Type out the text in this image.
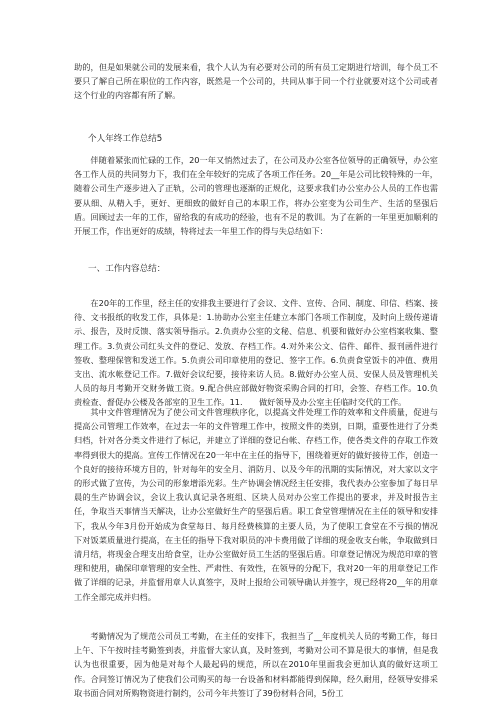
助的，但是如果就公司的发展来看，我个人认为有必要对公司的所有员工定期进行培训，每个员工不要只了解自己所在职位的工作内容，既然是一个公司的，共同从事于同一个行业就要对这个公司或者这个行业的内容都有所了解。

个人年终工作总结5

伴随着紧张而忙碌的工作，20一年又悄然过去了，在公司及办公室各位领导的正确领导，办公室各工作人员的共同努力下，我们在全年较好的完成了各项工作任务。20__年是公司比较特殊的一年，随着公司生产逐步进入了正轨，公司的管理也逐渐的正规化，这要求我们办公室办公人员的工作也需要从细、从精入手，更好、更细致的做好自己的本职工作，将办公室变为公司生产、生活的坚强后盾。回顾过去一年的工作，留给我的有成功的经验，也有不足的教训。为了在新的一年里更加顺利的开展工作，作出更好的成绩，特将过去一年里工作的得与失总结如下：

一、工作内容总结：

在20年的工作里，经主任的安排我主要进行了会议、文件、宣传、合同、制度、印信、档案、接待、文书报纸的收发工作，具体是：1.协助办公室主任建立本部门各项工作制度，及时向上级传递请示、报告，及时反馈、落实领导指示。2.负责办公室的文秘、信息、机要和做好办公室档案收集、整理工作。3.负责公司红头文件的登记、发放、存档工作。4.对外来公文、信件、邮件、报刊函件进行签收、整理保管和发送工作。5.负责公司印章使用的登记、签字工作。6.负责食堂饭卡的冲值、费用支出、流水帐登记工作。7.做好会议纪要，接待来访人员。8.做好办公室人员、安保人员及管理机关人员的每月考勤开交财务做工资。9.配合供应部做好物资采购合同的打印，会签、存档工作。10.负责检查、督促办公楼及各部室的卫生工作。11.　　做好领导及办公室主任临时交代的工作。

其中文件管理情况为了使公司文件管理秩序化，以提高文件处理工作的效率和文件质量，促进与提高公司管理工作效率，在过去一年的文件管理工作中，按照文件的类别，日期，重要性进行了分类归档，针对各分类文件进行了标记，并建立了详细的登记台帐、存档工作，使各类文件的存取工作效率得到很大的提高。宣传工作情况在20一年中在主任的指导下，围绕着更好的做好接待工作，创造一个良好的接待环境方目的，针对每年的安全月、消防月、以及今年的汛期的实际情况，对大家以文字的形式做了宣传，为公司的形象增添光彩。生产协调会情况经主任安排，我代表办公室参加了每日早晨的生产协调会议，会议上我认真记录各班组、区块人员对办公室工作提出的要求，并及时报告主任，争取当天事情当天解决，让办公室做好生产的坚强后盾。职工食堂管理情况在主任的领导和安排下，我从今年3月份开始成为食堂每日、每月经费核算的主要人员，为了使职工食堂在不亏损的情况下对饭菜质量进行提高，在主任的指导下我对职员的冲卡费用做了详细的现金收支台帐，争取做到日清月结，将现金合理支出给食堂，让办公室做好员工生活的坚强后盾。印章登记情况为规范印章的管理和使用，确保印章管理的安全性、严肃性、有效性，在领导的分配下，我对20一年的用章登记工作做了详细的记录，并监督用章人认真签字，及时上报给公司领导确认并签字，现已经将20__年的用章工作全部完成并归档。

考勤情况为了规范公司员工考勤，在主任的安排下，我担当了__年度机关人员的考勤工作，每日上午、下午按时挂考勤签到表，并监督大家认真，及时签到，考勤对公司不算是很大的事情，但是我认为也很重要，因为他是对每个人最起码的规范，所以在2010年里面我会更加认真的做好这项工作。合同签订情况为了使我们公司购买的每一台设备和材料都能得到保障，经久耐用，经领导安排采取书面合同对所购物资进行制约，公司今年共签订了39份材料合同，5份工
